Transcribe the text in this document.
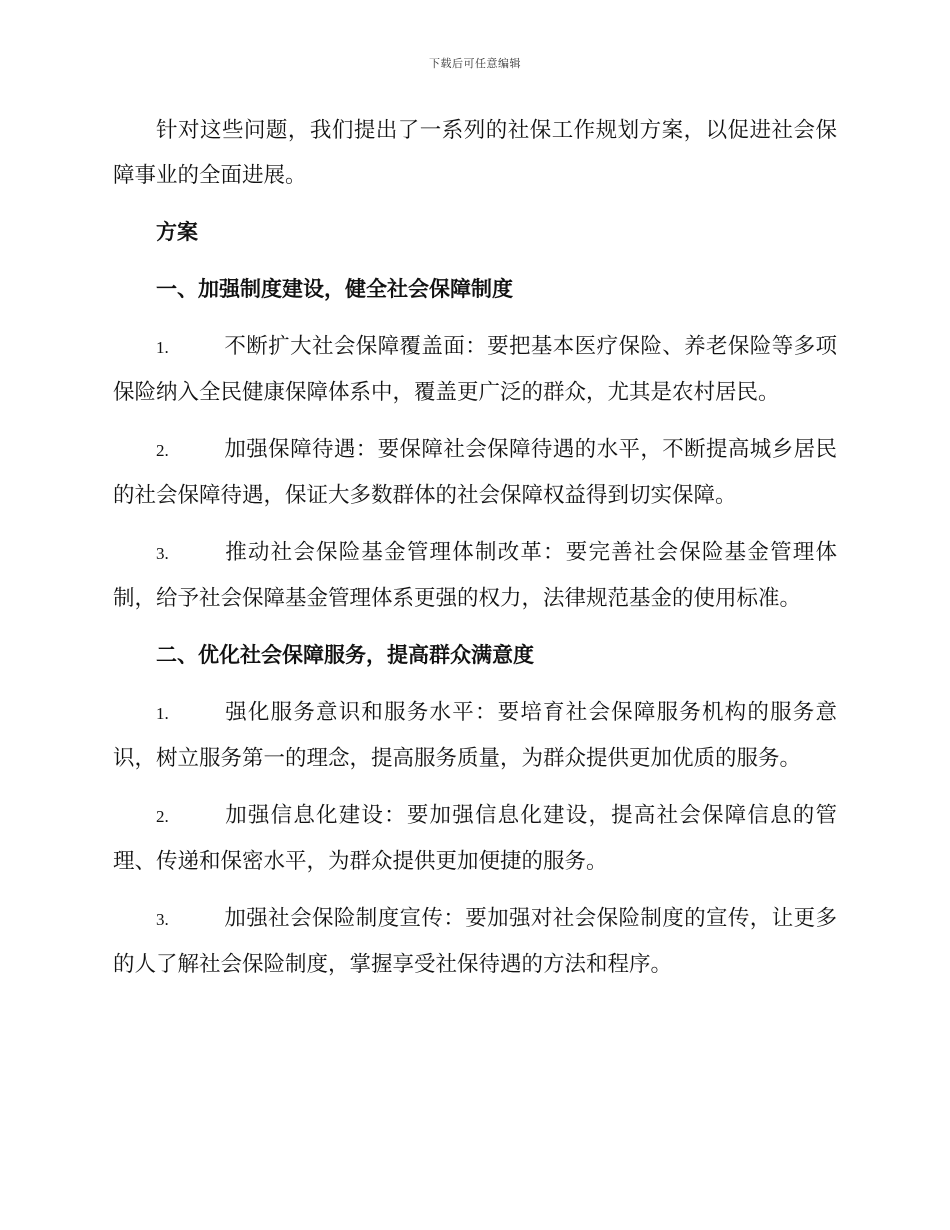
下载后可任意编辑

针对这些问题，我们提出了一系列的社保工作规划方案，以促进社会保障事业的全面进展。

方案

一、加强制度建设，健全社会保障制度

1.	不断扩大社会保障覆盖面：要把基本医疗保险、养老保险等多项保险纳入全民健康保障体系中，覆盖更广泛的群众，尤其是农村居民。

2.	加强保障待遇：要保障社会保障待遇的水平，不断提高城乡居民的社会保障待遇，保证大多数群体的社会保障权益得到切实保障。

3.	推动社会保险基金管理体制改革：要完善社会保险基金管理体制，给予社会保障基金管理体系更强的权力，法律规范基金的使用标准。

二、优化社会保障服务，提高群众满意度

1.	强化服务意识和服务水平：要培育社会保障服务机构的服务意识，树立服务第一的理念，提高服务质量，为群众提供更加优质的服务。

2.	加强信息化建设：要加强信息化建设，提高社会保障信息的管理、传递和保密水平，为群众提供更加便捷的服务。

3.	加强社会保险制度宣传：要加强对社会保险制度的宣传，让更多的人了解社会保险制度，掌握享受社保待遇的方法和程序。
